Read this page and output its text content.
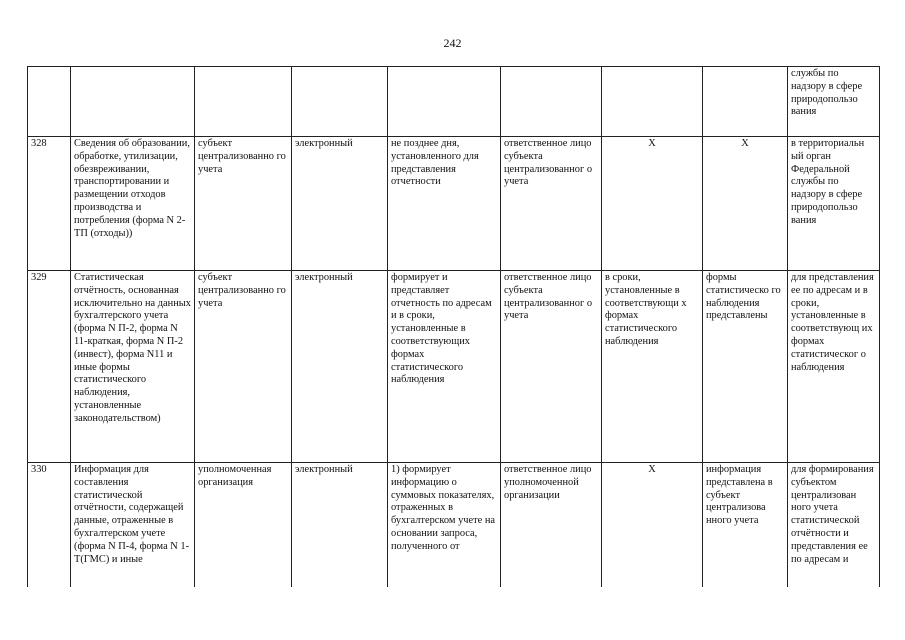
242
								службы по надзору в сфере природопользо вания
328	Сведения об образовании, обработке, утилизации, обезвреживании, транспортировании и размещении отходов производства и потребления (форма N 2- ТП (отходы))	субъект централизованно го учета	электронный	не позднее дня, установленного для представления отчетности	ответственное лицо субъекта централизованног о учета	X	X	в территориальн ый орган Федеральной службы по надзору в сфере природопользо вания
329	Статистическая отчётность, основанная исключительно на данных бухгалтерского учета (форма N П-2, форма N 11-краткая, форма N П-2 (инвест), форма N11 и иные формы статистического наблюдения, установленные законодательством)	субъект централизованно го учета	электронный	формирует и представляет отчетность по адресам и в сроки, установленные в соответствующих формах статистического наблюдения	ответственное лицо субъекта централизованног о учета	в сроки, установленные в соответствующи х формах статистического наблюдения	формы статистическо го наблюдения представлены	для представления ее по адресам и в сроки, установленные в соответствующ их формах статистическог о наблюдения
330	Информация для составления статистической отчётности, содержащей данные, отраженные в бухгалтерском учете (форма N П-4, форма N 1-Т(ГМС) и иные	уполномоченная организация	электронный	1) формирует информацию о суммовых показателях, отраженных в бухгалтерском учете на основании запроса, полученного от	ответственное лицо уполномоченной организации	X	информация представлена в субъект централизова нного учета	для формирования субъектом централизован ного учета статистической отчётности и представления ее по адресам и
